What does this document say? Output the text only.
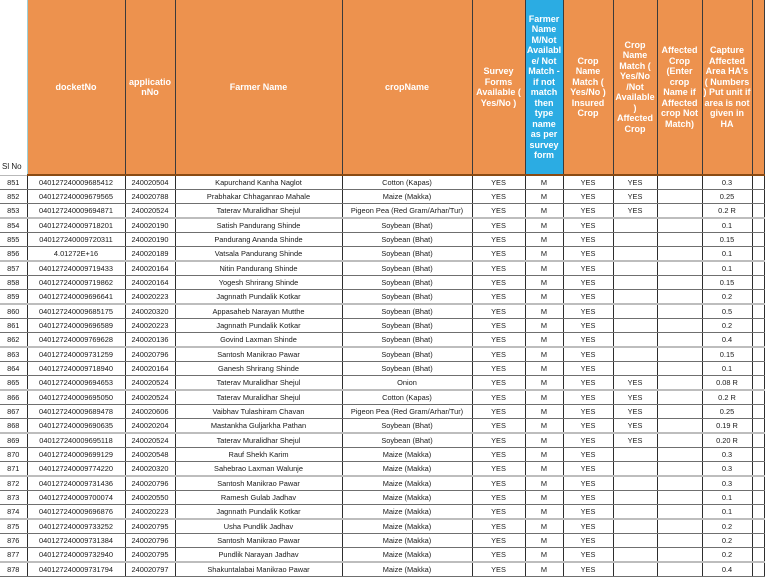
Sl No	docketNo	applicationNo	Farmer Name	cropName	Survey Forms Available ( Yes/No )	Farmer Name M/Not Available/ Not Match - if not match then type name as per survey form	Crop Name Match ( Yes/No ) Insured Crop	Crop Name Match ( Yes/No /Not Available) Affected Crop	Affected Crop (Enter crop Name if Affected crop Not Match)	Capture Affected Area HA's ( Numbers ) Put unit if area is not given in HA	
851	040127240009685412	240020504	Kapurchand Kanha Naglot	Cotton (Kapas)	YES	M	YES	YES		0.3	
852	040127240009679565	240020788	Prabhakar Chhaganrao Mahale	Maize (Makka)	YES	M	YES	YES		0.25	
853	040127240009694871	240020524	Taterav Muralidhar Shejul	Pigeon Pea (Red Gram/Arhar/Tur)	YES	M	YES	YES		0.2 R	
854	040127240009718201	240020190	Satish Pandurang Shinde	Soybean (Bhat)	YES	M	YES			0.1	
855	040127240009720311	240020190	Pandurang Ananda Shinde	Soybean (Bhat)	YES	M	YES			0.15	
856	4.01272E+16	240020189	Vatsala Pandurang Shinde	Soybean (Bhat)	YES	M	YES			0.1	
857	040127240009719433	240020164	Nitin Pandurang Shinde	Soybean (Bhat)	YES	M	YES			0.1	
858	040127240009719862	240020164	Yogesh Shrirang Shinde	Soybean (Bhat)	YES	M	YES			0.15	
859	040127240009696641	240020223	Jagnnath Pundalik Kotkar	Soybean (Bhat)	YES	M	YES			0.2	
860	040127240009685175	240020320	Appasaheb Narayan Mutthe	Soybean (Bhat)	YES	M	YES			0.5	
861	040127240009696589	240020223	Jagnnath Pundalik Kotkar	Soybean (Bhat)	YES	M	YES			0.2	
862	040127240009769628	240020136	Govind Laxman Shinde	Soybean (Bhat)	YES	M	YES			0.4	
863	040127240009731259	240020796	Santosh Manikrao Pawar	Soybean (Bhat)	YES	M	YES			0.15	
864	040127240009718940	240020164	Ganesh Shrirang Shinde	Soybean (Bhat)	YES	M	YES			0.1	
865	040127240009694653	240020524	Taterav Muralidhar Shejul	Onion	YES	M	YES	YES		0.08 R	
866	040127240009695050	240020524	Taterav Muralidhar Shejul	Cotton (Kapas)	YES	M	YES	YES		0.2 R	
867	040127240009689478	240020606	Vaibhav Tulashiram Chavan	Pigeon Pea (Red Gram/Arhar/Tur)	YES	M	YES	YES		0.25	
868	040127240009690635	240020204	Mastankha Guljarkha Pathan	Soybean (Bhat)	YES	M	YES	YES		0.19 R	
869	040127240009695118	240020524	Taterav Muralidhar Shejul	Soybean (Bhat)	YES	M	YES	YES		0.20 R	
870	040127240009699129	240020548	Rauf Shekh Karim	Maize (Makka)	YES	M	YES			0.3	
871	040127240009774220	240020320	Sahebrao Laxman Walunje	Maize (Makka)	YES	M	YES			0.3	
872	040127240009731436	240020796	Santosh Manikrao Pawar	Maize (Makka)	YES	M	YES			0.3	
873	040127240009700074	240020550	Ramesh Gulab Jadhav	Maize (Makka)	YES	M	YES			0.1	
874	040127240009696876	240020223	Jagnnath Pundalik Kotkar	Maize (Makka)	YES	M	YES			0.1	
875	040127240009733252	240020795	Usha Pundlik Jadhav	Maize (Makka)	YES	M	YES			0.2	
876	040127240009731384	240020796	Santosh Manikrao Pawar	Maize (Makka)	YES	M	YES			0.2	
877	040127240009732940	240020795	Pundlik Narayan Jadhav	Maize (Makka)	YES	M	YES			0.2	
878	040127240009731794	240020797	Shakuntalabai Manikrao Pawar	Maize (Makka)	YES	M	YES			0.4	
